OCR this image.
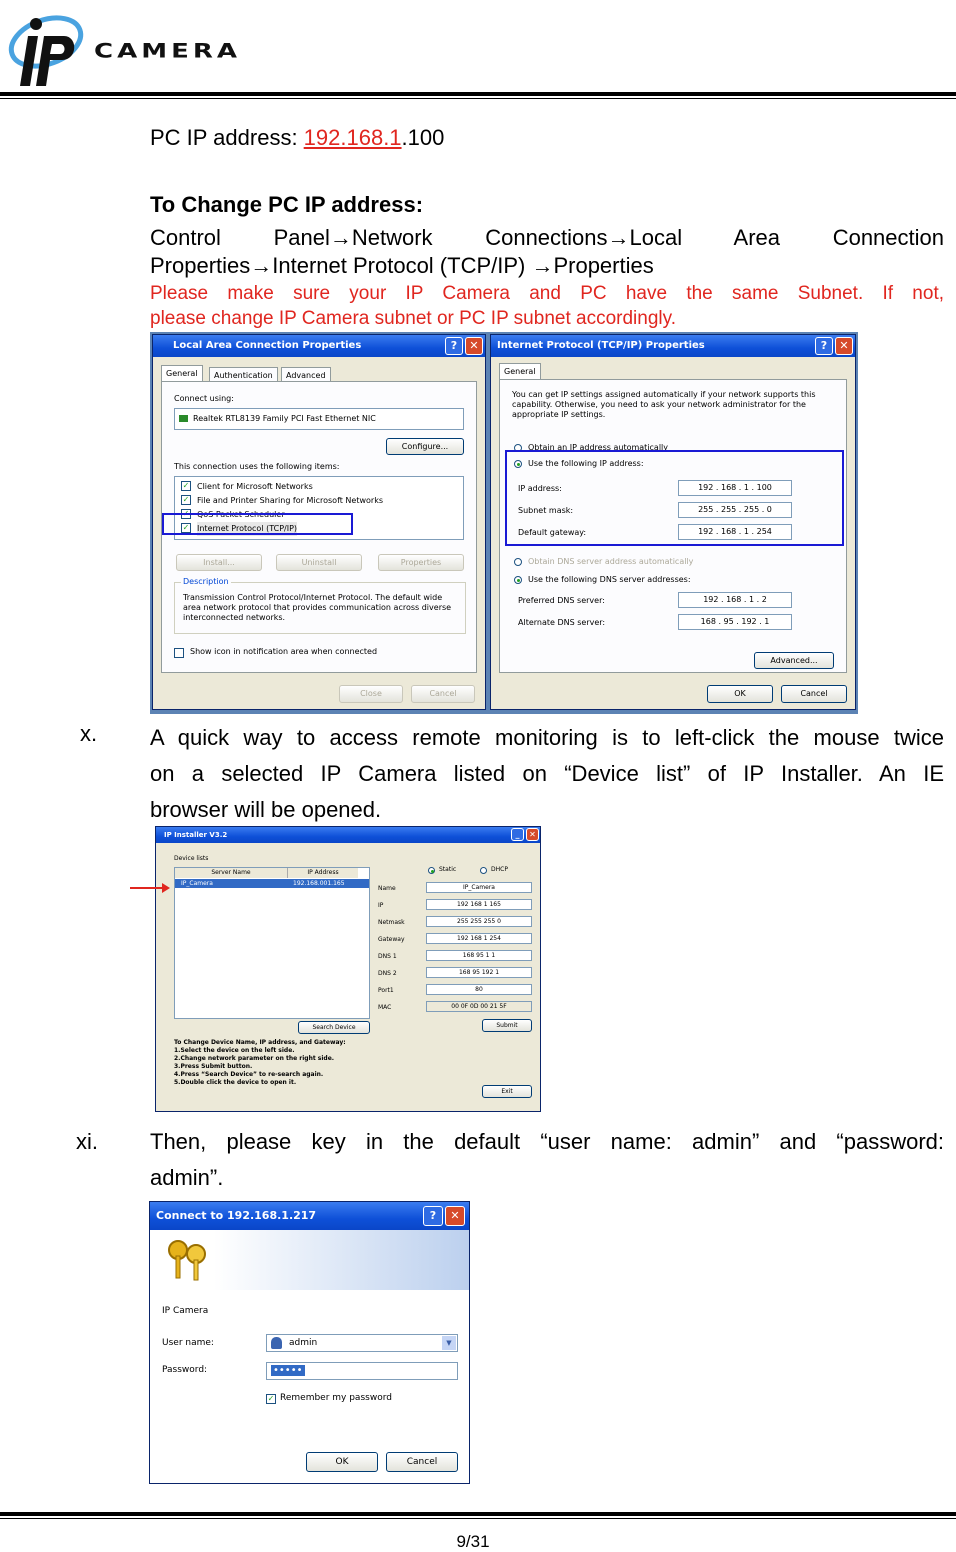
CAMERA
PC IP address: 192.168.1.100
To Change PC IP address:
Control Panel→Network Connections→Local Area Connection
Properties→Internet Protocol (TCP/IP) →Properties
Please make sure your IP Camera and PC have the same Subnet. If not,
please change IP Camera subnet or PC IP subnet accordingly.
Local Area Connection Properties	?	✕
General	Authentication	Advanced
Connect using:
Realtek RTL8139 Family PCI Fast Ethernet NIC
Configure...
This connection uses the following items:
✓ Client for Microsoft Networks
✓ File and Printer Sharing for Microsoft Networks
✓ QoS Packet Scheduler
✓ Internet Protocol (TCP/IP)
Install...	Uninstall	Properties
Description
Transmission Control Protocol/Internet Protocol. The default wide area network protocol that provides communication across diverse interconnected networks.
Show icon in notification area when connected
Close	Cancel
Internet Protocol (TCP/IP) Properties	?	✕
General
You can get IP settings assigned automatically if your network supports this capability. Otherwise, you need to ask your network administrator for the appropriate IP settings.
Obtain an IP address automatically
Use the following IP address:
IP address:	192 . 168 . 1 . 100
Subnet mask:	255 . 255 . 255 . 0
Default gateway:	192 . 168 . 1 . 254
Obtain DNS server address automatically
Use the following DNS server addresses:
Preferred DNS server:	192 . 168 . 1 . 2
Alternate DNS server:	168 . 95 . 192 . 1
Advanced...
OK	Cancel
x. A quick way to access remote monitoring is to left-click the mouse twice
on a selected IP Camera listed on “Device list” of IP Installer. An IE
browser will be opened.
IP Installer V3.2	_	✕
Device lists
Server Name	IP Address
IP_Camera	192.168.001.165
Static	DHCP
Name	IP_Camera
IP	192 168 1 165
Netmask	255 255 255 0
Gateway	192 168 1 254
DNS 1	168 95 1 1
DNS 2	168 95 192 1
Port1	80
MAC	00 0F 0D 00 21 5F
Search Device	Submit
To Change Device Name, IP address, and Gateway:
1.Select the device on the left side.
2.Change network parameter on the right side.
3.Press Submit button.
4.Press “Search Device” to re-search again.
5.Double click the device to open it.
Exit
xi. Then, please key in the default “user name: admin” and “password:
admin”.
Connect to 192.168.1.217	?	✕
IP Camera
User name:	admin	▼
Password:	•••••
✓ Remember my password
OK	Cancel
9/31
